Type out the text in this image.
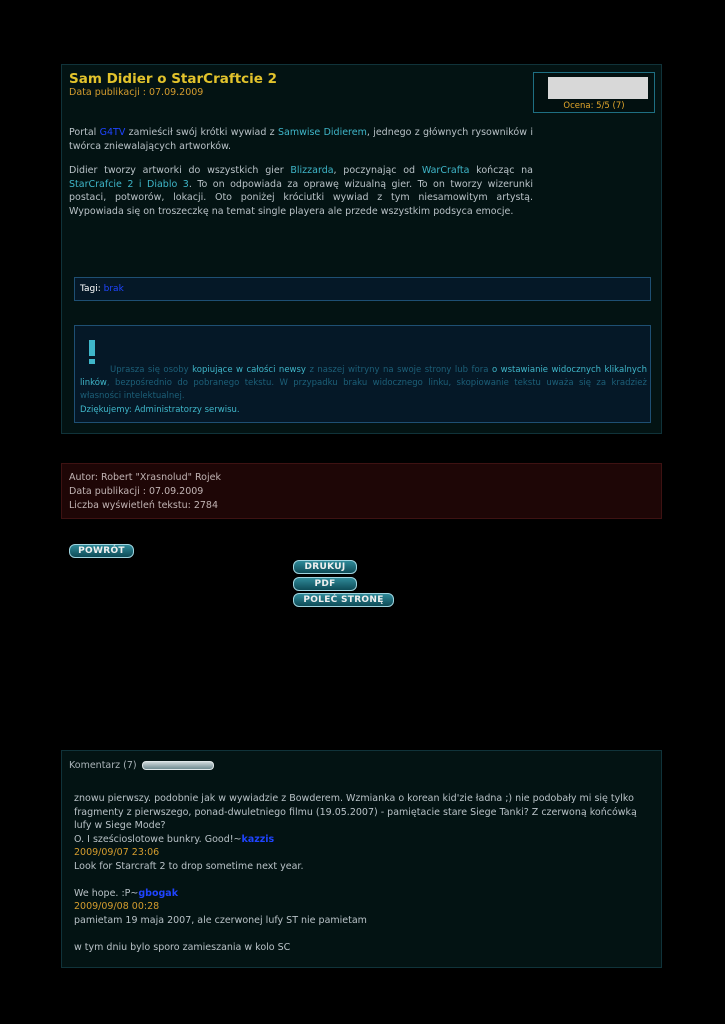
Sam Didier o StarCraftcie 2
Data publikacji : 07.09.2009
Ocena: 5/5 (7)

Portal G4TV zamieścił swój krótki wywiad z Samwise Didierem, jednego z głównych rysowników i twórca zniewalających artworków.

Didier tworzy artworki do wszystkich gier Blizzarda, poczynając od WarCrafta kończąc na StarCrafcie 2 i Diablo 3. To on odpowiada za oprawę wizualną gier. To on tworzy wizerunki postaci, potworów, lokacji. Oto poniżej króciutki wywiad z tym niesamowitym artystą. Wypowiada się on troszeczkę na temat single playera ale przede wszystkim podsyca emocje.

Tagi: brak
Uprasza się osoby kopiujące w całości newsy z naszej witryny na swoje strony lub fora o wstawianie widocznych klikalnych linków, bezpośrednio do pobranego tekstu. W przypadku braku widocznego linku, skopiowanie tekstu uważa się za kradzież własności intelektualnej.
Dziękujemy: Administratorzy serwisu.
Autor: Robert "Xrasnolud" Rojek
Data publikacji : 07.09.2009
Liczba wyświetleń tekstu: 2784
POWRÓT
DRUKUJ
PDF
POLEĆ STRONĘ
Komentarz (7)
znowu pierwszy. podobnie jak w wywiadzie z Bowderem. Wzmianka o korean kid'zie ładna ;) nie podobały mi się tylko fragmenty z pierwszego, ponad-dwuletniego filmu (19.05.2007) - pamiętacie stare Siege Tanki? Z czerwoną końcówką lufy w Siege Mode?
O. I sześcioslotowe bunkry. Good!~kazzis
2009/09/07 23:06
Look for Starcraft 2 to drop sometime next year.
We hope. :P~gbogak
2009/09/08 00:28
pamietam 19 maja 2007, ale czerwonej lufy ST nie pamietam
w tym dniu bylo sporo zamieszania w kolo SC
